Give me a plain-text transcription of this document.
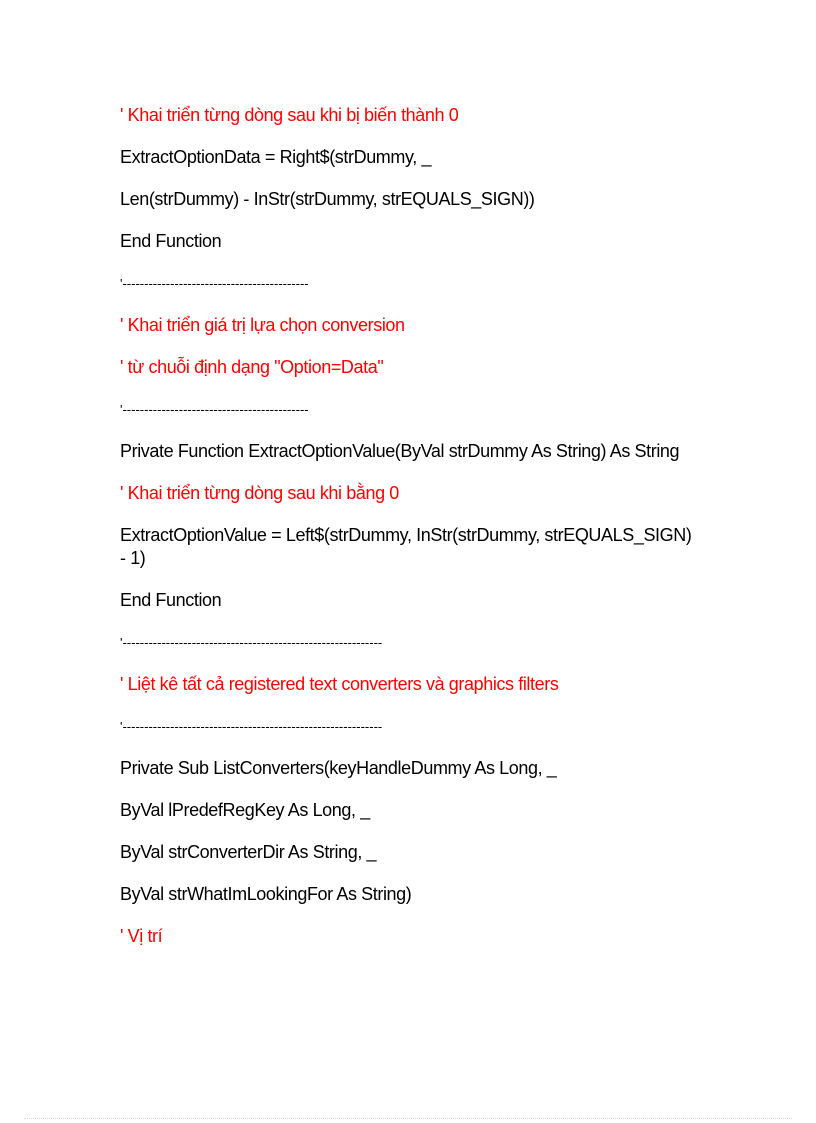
' Khai triển từng dòng sau khi bị biến thành 0

ExtractOptionData = Right$(strDummy, _

Len(strDummy) - InStr(strDummy, strEQUALS_SIGN))

End Function

'-------------------------------------------

' Khai triển giá trị lựa chọn conversion

' từ chuỗi định dạng "Option=Data"

'-------------------------------------------

Private Function ExtractOptionValue(ByVal strDummy As String) As String

' Khai triển từng dòng sau khi bằng 0

ExtractOptionValue = Left$(strDummy, InStr(strDummy, strEQUALS_SIGN) - 1)

End Function

'------------------------------------------------------------

' Liệt kê tất cả registered text converters và graphics filters

'------------------------------------------------------------

Private Sub ListConverters(keyHandleDummy As Long, _

ByVal lPredefRegKey As Long, _

ByVal strConverterDir As String, _

ByVal strWhatImLookingFor As String)

' Vị trí
